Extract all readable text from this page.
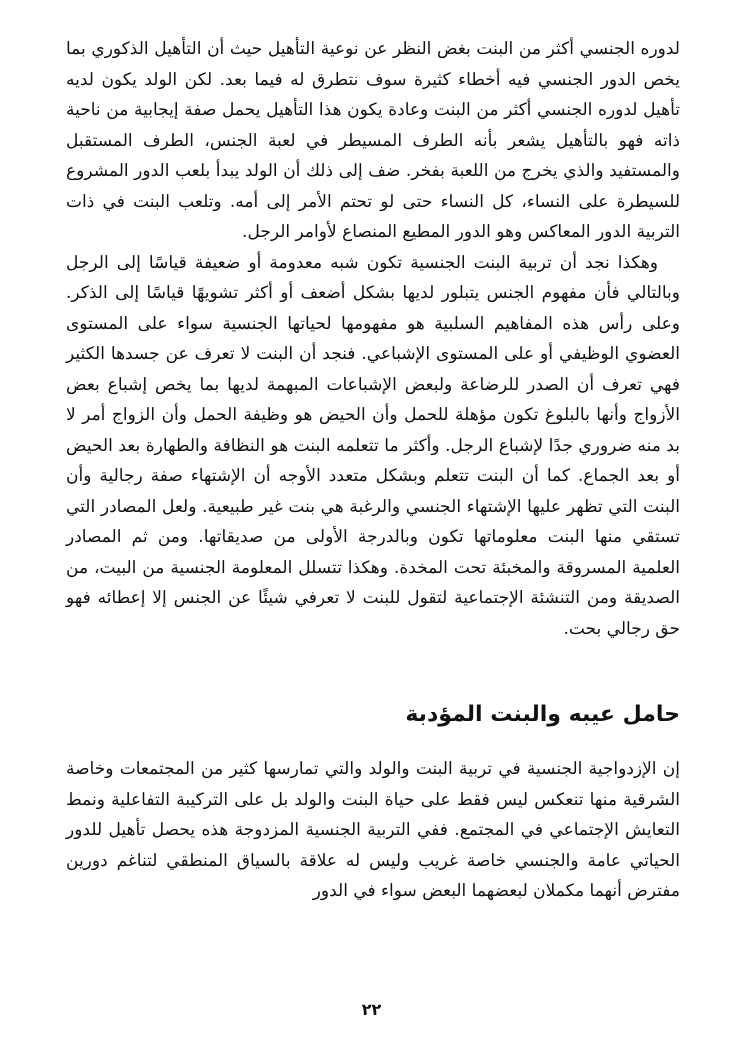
لدوره الجنسي أكثر من البنت بغض النظر عن نوعية التأهيل حيث أن التأهيل الذكوري بما يخص الدور الجنسي فيه أخطاء كثيرة سوف نتطرق له فيما بعد. لكن الولد يكون لديه تأهيل لدوره الجنسي أكثر من البنت وعادة يكون هذا التأهيل يحمل صفة إيجابية من ناحية ذاته فهو بالتأهيل يشعر بأنه الطرف المسيطر في لعبة الجنس، الطرف المستقبل والمستفيد والذي يخرج من اللعبة بفخر. ضف إلى ذلك أن الولد يبدأ بلعب الدور المشروع للسيطرة على النساء، كل النساء حتى لو تحتم الأمر إلى أمه. وتلعب البنت في ذات التربية الدور المعاكس وهو الدور المطيع المنصاع لأوامر الرجل.

وهكذا نجد أن تربية البنت الجنسية تكون شبه معدومة أو ضعيفة قياسًا إلى الرجل وبالتالي فأن مفهوم الجنس يتبلور لديها بشكل أضعف أو أكثر تشويهًا قياسًا إلى الذكر. وعلى رأس هذه المفاهيم السلبية هو مفهومها لحياتها الجنسية سواء على المستوى العضوي الوظيفي أو على المستوى الإشباعي. فنجد أن البنت لا تعرف عن جسدها الكثير فهي تعرف أن الصدر للرضاعة ولبعض الإشباعات المبهمة لديها بما يخص إشباع بعض الأزواج وأنها بالبلوغ تكون مؤهلة للحمل وأن الحيض هو وظيفة الحمل وأن الزواج أمر لا بد منه ضروري جدًا لإشباع الرجل. وأكثر ما تتعلمه البنت هو النظافة والطهارة بعد الحيض أو بعد الجماع. كما أن البنت تتعلم وبشكل متعدد الأوجه أن الإشتهاء صفة رجالية وأن البنت التي تظهر عليها الإشتهاء الجنسي والرغبة هي بنت غير طبيعية. ولعل المصادر التي تستقي منها البنت معلوماتها تكون وبالدرجة الأولى من صديقاتها. ومن ثم المصادر العلمية المسروقة والمخبئة تحت المخدة. وهكذا تتسلل المعلومة الجنسية من البيت، من الصديقة ومن التنشئة الإجتماعية لتقول للبنت لا تعرفي شيئًا عن الجنس إلا إعطائه فهو حق رجالي بحت.

حامل عيبه والبنت المؤدبة

إن الإزدواجية الجنسية في تربية البنت والولد والتي تمارسها كثير من المجتمعات وخاصة الشرقية منها تنعكس ليس فقط على حياة البنت والولد بل على التركيبة التفاعلية ونمط التعايش الإجتماعي في المجتمع. ففي التربية الجنسية المزدوجة هذه يحصل تأهيل للدور الحياتي عامة والجنسي خاصة غريب وليس له علاقة بالسياق المنطقي لتناغم دورين مفترض أنهما مكملان لبعضهما البعض سواء في الدور

٢٢
